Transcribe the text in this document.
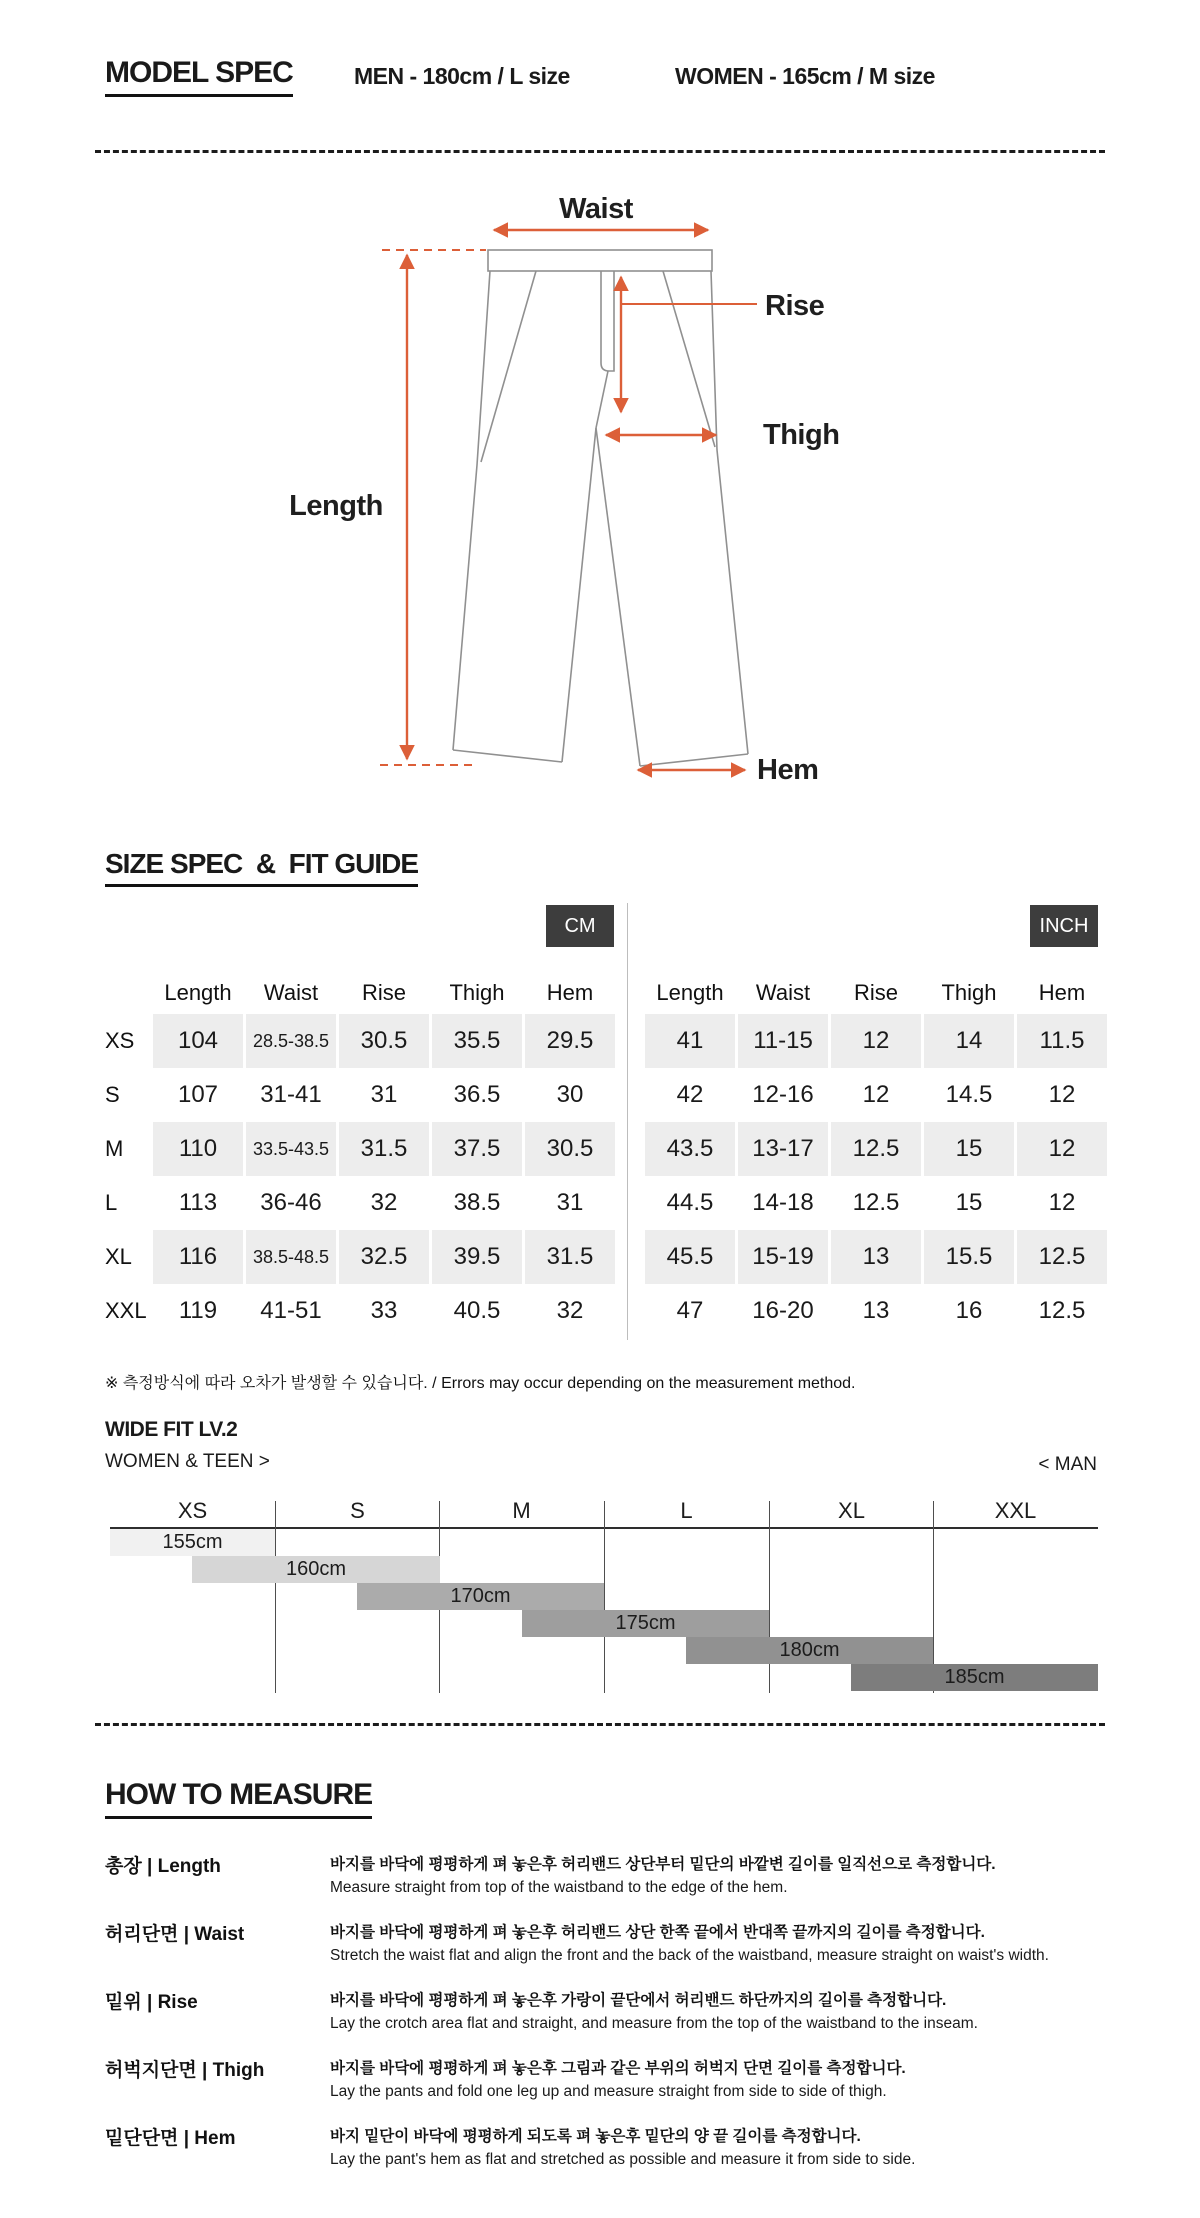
MODEL SPEC	MEN - 180cm / L size	WOMEN - 165cm / M size
Waist
Rise
Thigh
Length
Hem
SIZE SPEC  &  FIT GUIDE
CM	INCH
Length	Waist	Rise	Thigh	Hem
XS	104	28.5-38.5	30.5	35.5	29.5
S	107	31-41	31	36.5	30
M	110	33.5-43.5	31.5	37.5	30.5
L	113	36-46	32	38.5	31
XL	116	38.5-48.5	32.5	39.5	31.5
XXL	119	41-51	33	40.5	32
Length	Waist	Rise	Thigh	Hem
41	11-15	12	14	11.5
42	12-16	12	14.5	12
43.5	13-17	12.5	15	12
44.5	14-18	12.5	15	12
45.5	15-19	13	15.5	12.5
47	16-20	13	16	12.5
※ 측정방식에 따라 오차가 발생할 수 있습니다. / Errors may occur depending on the measurement method.
WIDE FIT LV.2
WOMEN & TEEN >	< MAN
XS	S	M	L	XL	XXL
155cm
160cm
170cm
175cm
180cm
185cm
HOW TO MEASURE
총장 | Length	바지를 바닥에 평평하게 펴 놓은후 허리밴드 상단부터 밑단의 바깥변 길이를 일직선으로 측정합니다.
Measure straight from top of the waistband to the edge of the hem.
허리단면 | Waist	바지를 바닥에 평평하게 펴 놓은후 허리밴드 상단 한쪽 끝에서 반대쪽 끝까지의 길이를 측정합니다.
Stretch the waist flat and align the front and the back of the waistband, measure straight on waist's width.
밑위 | Rise	바지를 바닥에 평평하게 펴 놓은후 가랑이 끝단에서 허리밴드 하단까지의 길이를 측정합니다.
Lay the crotch area flat and straight, and measure from the top of the waistband to the inseam.
허벅지단면 | Thigh	바지를 바닥에 평평하게 펴 놓은후 그림과 같은 부위의 허벅지 단면 길이를 측정합니다.
Lay the pants and fold one leg up and measure straight from side to side of thigh.
밑단단면 | Hem	바지 밑단이 바닥에 평평하게 되도록 펴 놓은후 밑단의 양 끝 길이를 측정합니다.
Lay the pant's hem as flat and stretched as possible and measure it from side to side.
